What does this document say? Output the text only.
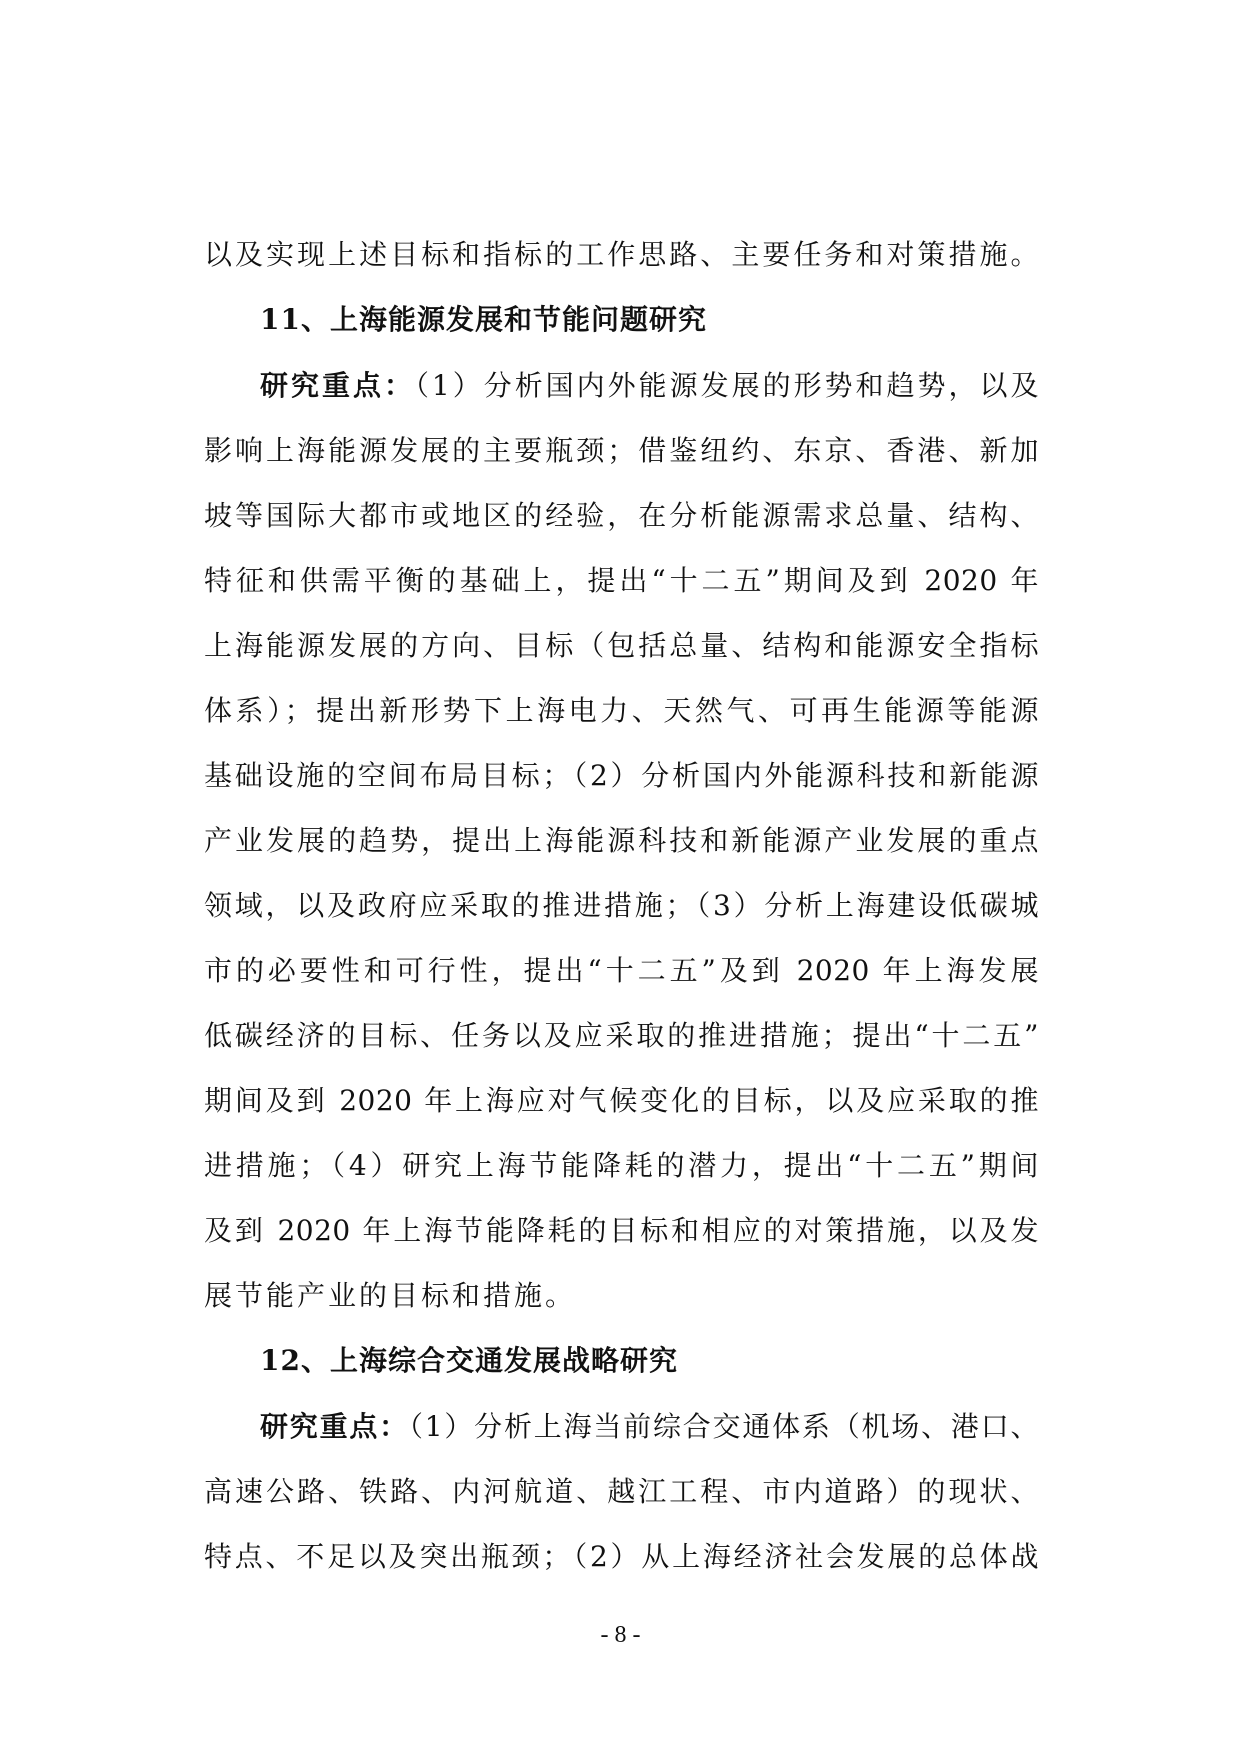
以及实现上述目标和指标的工作思路、主要任务和对策措施。
11、上海能源发展和节能问题研究
研究重点：（1）分析国内外能源发展的形势和趋势，以及
影响上海能源发展的主要瓶颈；借鉴纽约、东京、香港、新加
坡等国际大都市或地区的经验，在分析能源需求总量、结构、
特征和供需平衡的基础上，提出“十二五”期间及到 2020 年
上海能源发展的方向、目标（包括总量、结构和能源安全指标
体系）；提出新形势下上海电力、天然气、可再生能源等能源
基础设施的空间布局目标；（2）分析国内外能源科技和新能源
产业发展的趋势，提出上海能源科技和新能源产业发展的重点
领域，以及政府应采取的推进措施；（3）分析上海建设低碳城
市的必要性和可行性，提出“十二五”及到 2020 年上海发展
低碳经济的目标、任务以及应采取的推进措施；提出“十二五”
期间及到 2020 年上海应对气候变化的目标，以及应采取的推
进措施；（4）研究上海节能降耗的潜力，提出“十二五”期间
及到 2020 年上海节能降耗的目标和相应的对策措施，以及发
展节能产业的目标和措施。
12、上海综合交通发展战略研究
研究重点：（1）分析上海当前综合交通体系（机场、港口、
高速公路、铁路、内河航道、越江工程、市内道路）的现状、
特点、不足以及突出瓶颈；（2）从上海经济社会发展的总体战
- 8 -
